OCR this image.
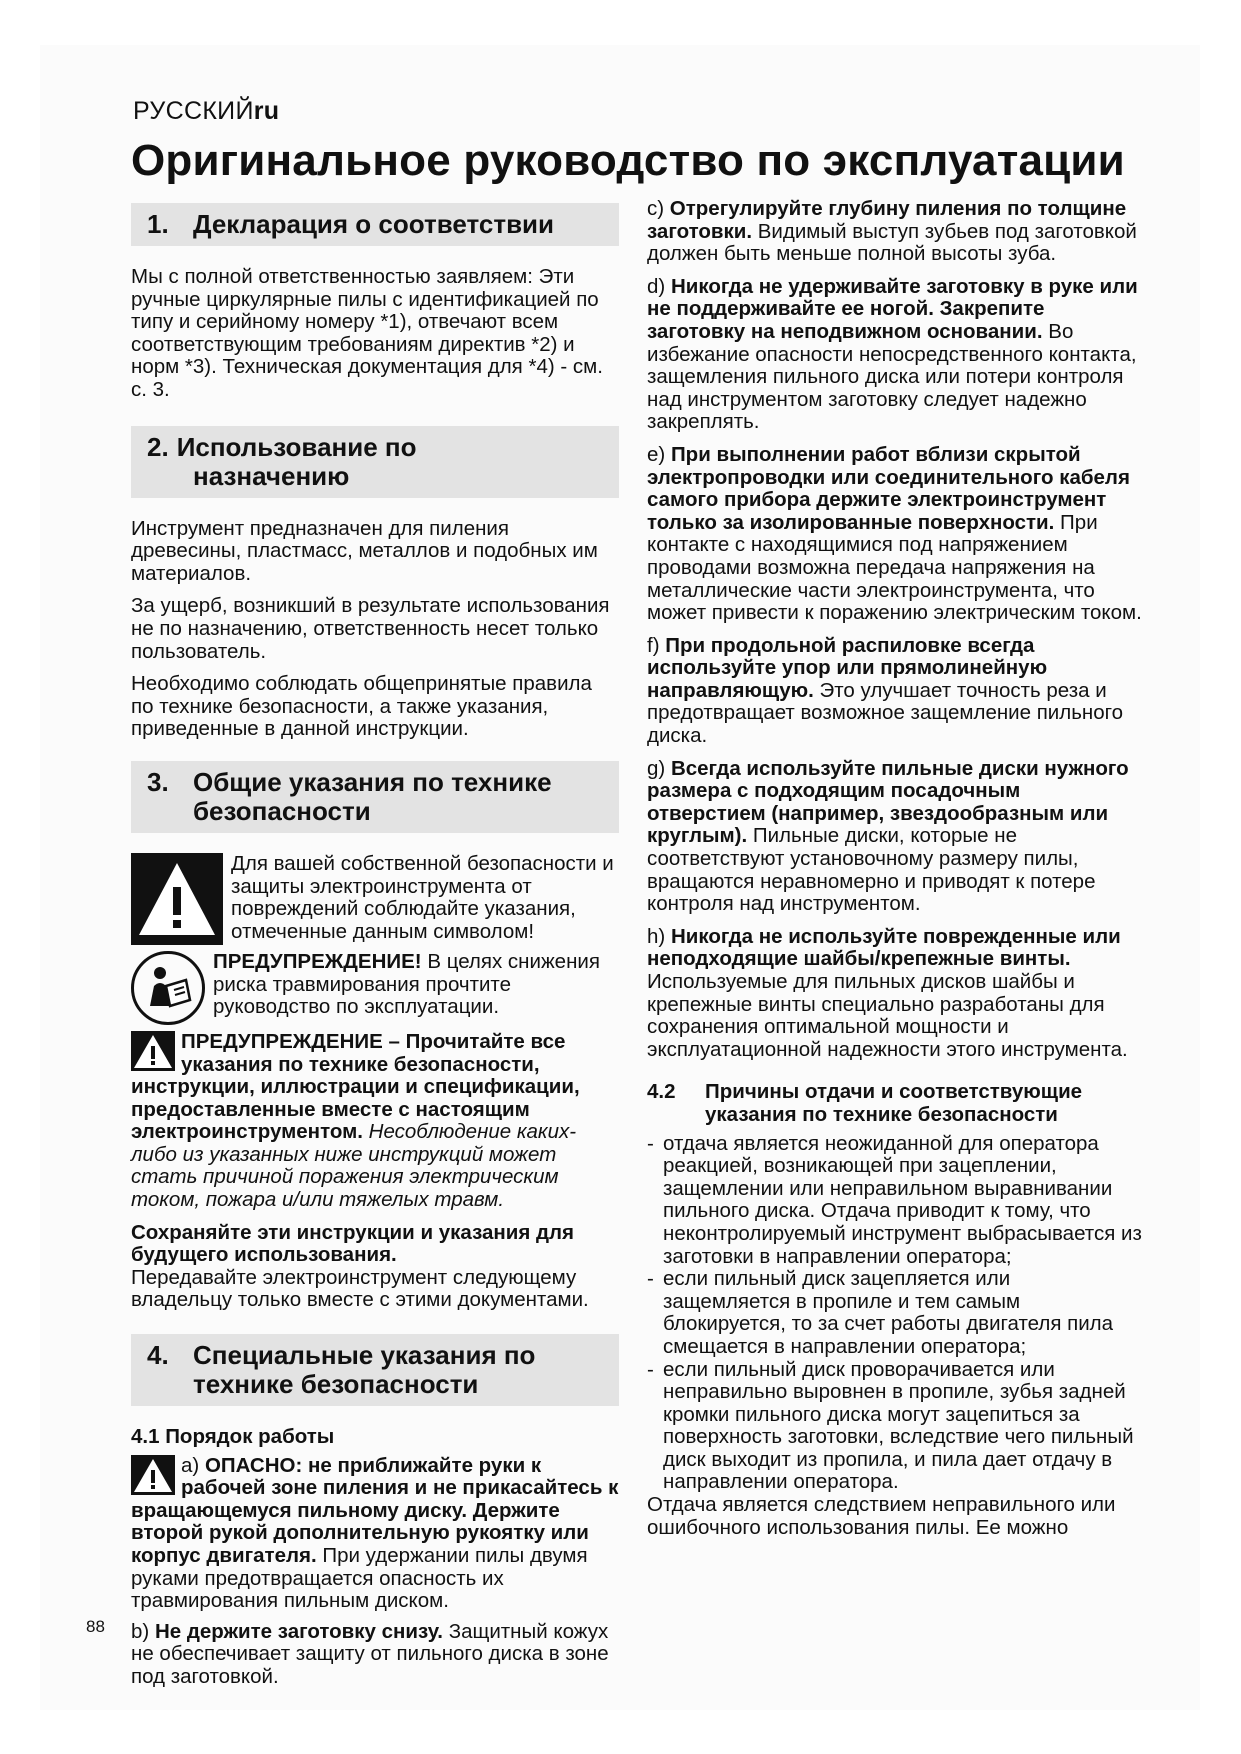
РУССКИЙru
Оригинальное руководство по эксплуатации
1. Декларация о соответствии

Мы с полной ответственностью заявляем: Эти ручные циркулярные пилы с идентификацией по типу и серийному номеру *1), отвечают всем соответствующим требованиям директив *2) и норм *3). Техническая документация для *4) - см. с. 3.

2. Использование по
назначению

Инструмент предназначен для пиления древесины, пластмасс, металлов и подобных им материалов.

За ущерб, возникший в результате использования не по назначению, ответственность несет только пользователь.

Необходимо соблюдать общепринятые правила по технике безопасности, а также указания, приведенные в данной инструкции.

3. Общие указания по технике
безопасности

Для вашей собственной безопасности и защиты электроинструмента от повреждений соблюдайте указания, отмеченные данным символом!

ПРЕДУПРЕЖДЕНИЕ! В целях снижения риска травмирования прочтите руководство по эксплуатации.

ПРЕДУПРЕЖДЕНИЕ – Прочитайте все указания по технике безопасности, инструкции, иллюстрации и спецификации, предоставленные вместе с настоящим электроинструментом. Несоблюдение каких-либо из указанных ниже инструкций может стать причиной поражения электрическим током, пожара и/или тяжелых травм.

Сохраняйте эти инструкции и указания для будущего использования.

Передавайте электроинструмент следующему владельцу только вместе с этими документами.

4. Специальные указания по
технике безопасности
4.1 Порядок работы

a) ОПАСНО: не приближайте руки к рабочей зоне пиления и не прикасайтесь к вращающемуся пильному диску. Держите второй рукой дополнительную рукоятку или корпус двигателя. При удержании пилы двумя руками предотвращается опасность их травмирования пильным диском.

b) Не держите заготовку снизу. Защитный кожух не обеспечивает защиту от пильного диска в зоне под заготовкой.

c) Отрегулируйте глубину пиления по толщине заготовки. Видимый выступ зубьев под заготовкой должен быть меньше полной высоты зуба.

d) Никогда не удерживайте заготовку в руке или не поддерживайте ее ногой. Закрепите заготовку на неподвижном основании. Во избежание опасности непосредственного контакта, защемления пильного диска или потери контроля над инструментом заготовку следует надежно закреплять.

e) При выполнении работ вблизи скрытой электропроводки или соединительного кабеля самого прибора держите электроинструмент только за изолированные поверхности. При контакте с находящимися под напряжением проводами возможна передача напряжения на металлические части электроинструмента, что может привести к поражению электрическим током.

f) При продольной распиловке всегда используйте упор или прямолинейную направляющую. Это улучшает точность реза и предотвращает возможное защемление пильного диска.

g) Всегда используйте пильные диски нужного размера с подходящим посадочным отверстием (например, звездообразным или круглым). Пильные диски, которые не соответствуют установочному размеру пилы, вращаются неравномерно и приводят к потере контроля над инструментом.

h) Никогда не используйте поврежденные или неподходящие шайбы/крепежные винты. Используемые для пильных дисков шайбы и крепежные винты специально разработаны для сохранения оптимальной мощности и эксплуатационной надежности этого инструмента.

4.2	Причины отдачи и соответствующие указания по технике безопасности
- отдача является неожиданной для оператора реакцией, возникающей при зацеплении, защемлении или неправильном выравнивании пильного диска. Отдача приводит к тому, что неконтролируемый инструмент выбрасывается из заготовки в направлении оператора;
- если пильный диск зацепляется или защемляется в пропиле и тем самым блокируется, то за счет работы двигателя пила смещается в направлении оператора;
- если пильный диск проворачивается или неправильно выровнен в пропиле, зубья задней кромки пильного диска могут зацепиться за поверхность заготовки, вследствие чего пильный диск выходит из пропила, и пила дает отдачу в направлении оператора.

Отдача является следствием неправильного или ошибочного использования пилы. Ее можно

88
